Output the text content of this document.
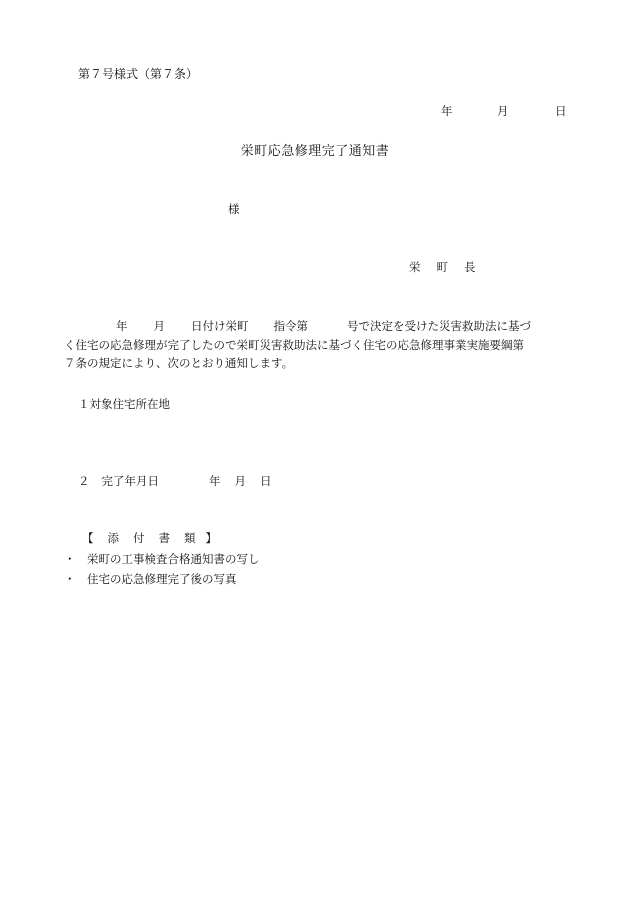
第７号様式（第７条）
年	月	日
栄町応急修理完了通知書
様
栄 町 長
年 月 日付け栄町 指令第	号で決定を受けた災害救助法に基づ
く住宅の応急修理が完了したので栄町災害救助法に基づく住宅の応急修理事業実施要綱第
７条の規定により、次のとおり通知します。
１対象住宅所在地
２ 完了年月日	年 月 日
【 添 付 書 類 】
・ 栄町の工事検査合格通知書の写し
・ 住宅の応急修理完了後の写真
